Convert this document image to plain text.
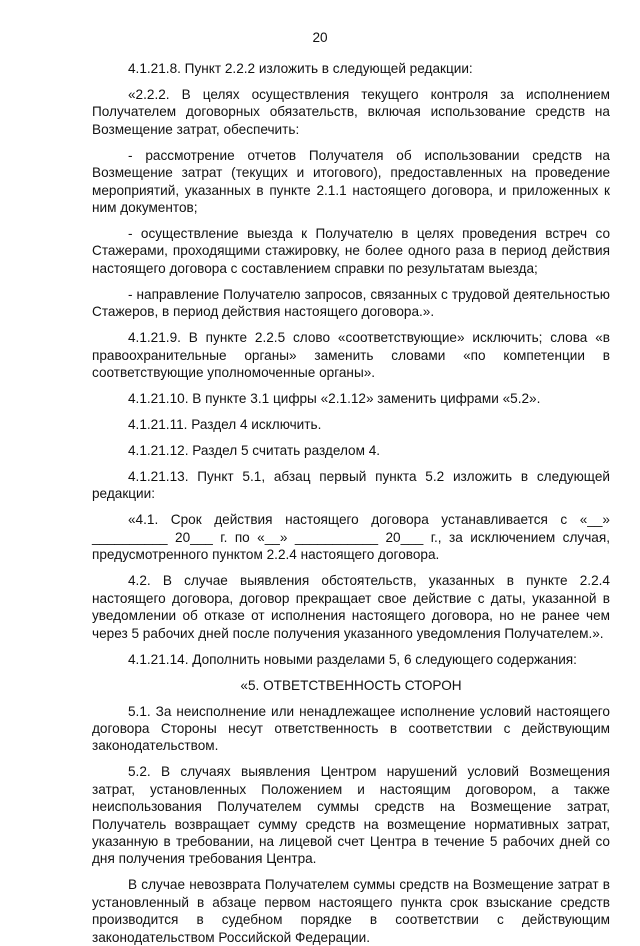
20

4.1.21.8. Пункт 2.2.2 изложить в следующей редакции:

«2.2.2. В целях осуществления текущего контроля за исполнением Получателем договорных обязательств, включая использование средств на Возмещение затрат, обеспечить:

- рассмотрение отчетов Получателя об использовании средств на Возмещение затрат (текущих и итогового), предоставленных на проведение мероприятий, указанных в пункте 2.1.1 настоящего договора, и приложенных к ним документов;

- осуществление выезда к Получателю в целях проведения встреч со Стажерами, проходящими стажировку, не более одного раза в период действия настоящего договора с составлением справки по результатам выезда;

- направление Получателю запросов, связанных с трудовой деятельностью Стажеров, в период действия настоящего договора.».

4.1.21.9. В пункте 2.2.5 слово «соответствующие» исключить; слова «в правоохранительные органы» заменить словами «по компетенции в соответствующие уполномоченные органы».

4.1.21.10. В пункте 3.1 цифры «2.1.12» заменить цифрами «5.2».

4.1.21.11. Раздел 4 исключить.

4.1.21.12. Раздел 5 считать разделом 4.

4.1.21.13. Пункт 5.1, абзац первый пункта 5.2 изложить в следующей редакции:

«4.1. Срок действия настоящего договора устанавливается с «__» __________ 20___ г. по «__» ___________ 20___ г., за исключением случая, предусмотренного пунктом 2.2.4 настоящего договора.

4.2. В случае выявления обстоятельств, указанных в пункте 2.2.4 настоящего договора, договор прекращает свое действие с даты, указанной в уведомлении об отказе от исполнения настоящего договора, но не ранее чем через 5 рабочих дней после получения указанного уведомления Получателем.».

4.1.21.14. Дополнить новыми разделами 5, 6 следующего содержания:

«5. ОТВЕТСТВЕННОСТЬ СТОРОН

5.1. За неисполнение или ненадлежащее исполнение условий настоящего договора Стороны несут ответственность в соответствии с действующим законодательством.

5.2. В случаях выявления Центром нарушений условий Возмещения затрат, установленных Положением и настоящим договором, а также неиспользования Получателем суммы средств на Возмещение затрат, Получатель возвращает сумму средств на возмещение нормативных затрат, указанную в требовании, на лицевой счет Центра в течение 5 рабочих дней со дня получения требования Центра.

В случае невозврата Получателем суммы средств на Возмещение затрат в установленный в абзаце первом настоящего пункта срок взыскание средств производится в судебном порядке в соответствии с действующим законодательством Российской Федерации.
